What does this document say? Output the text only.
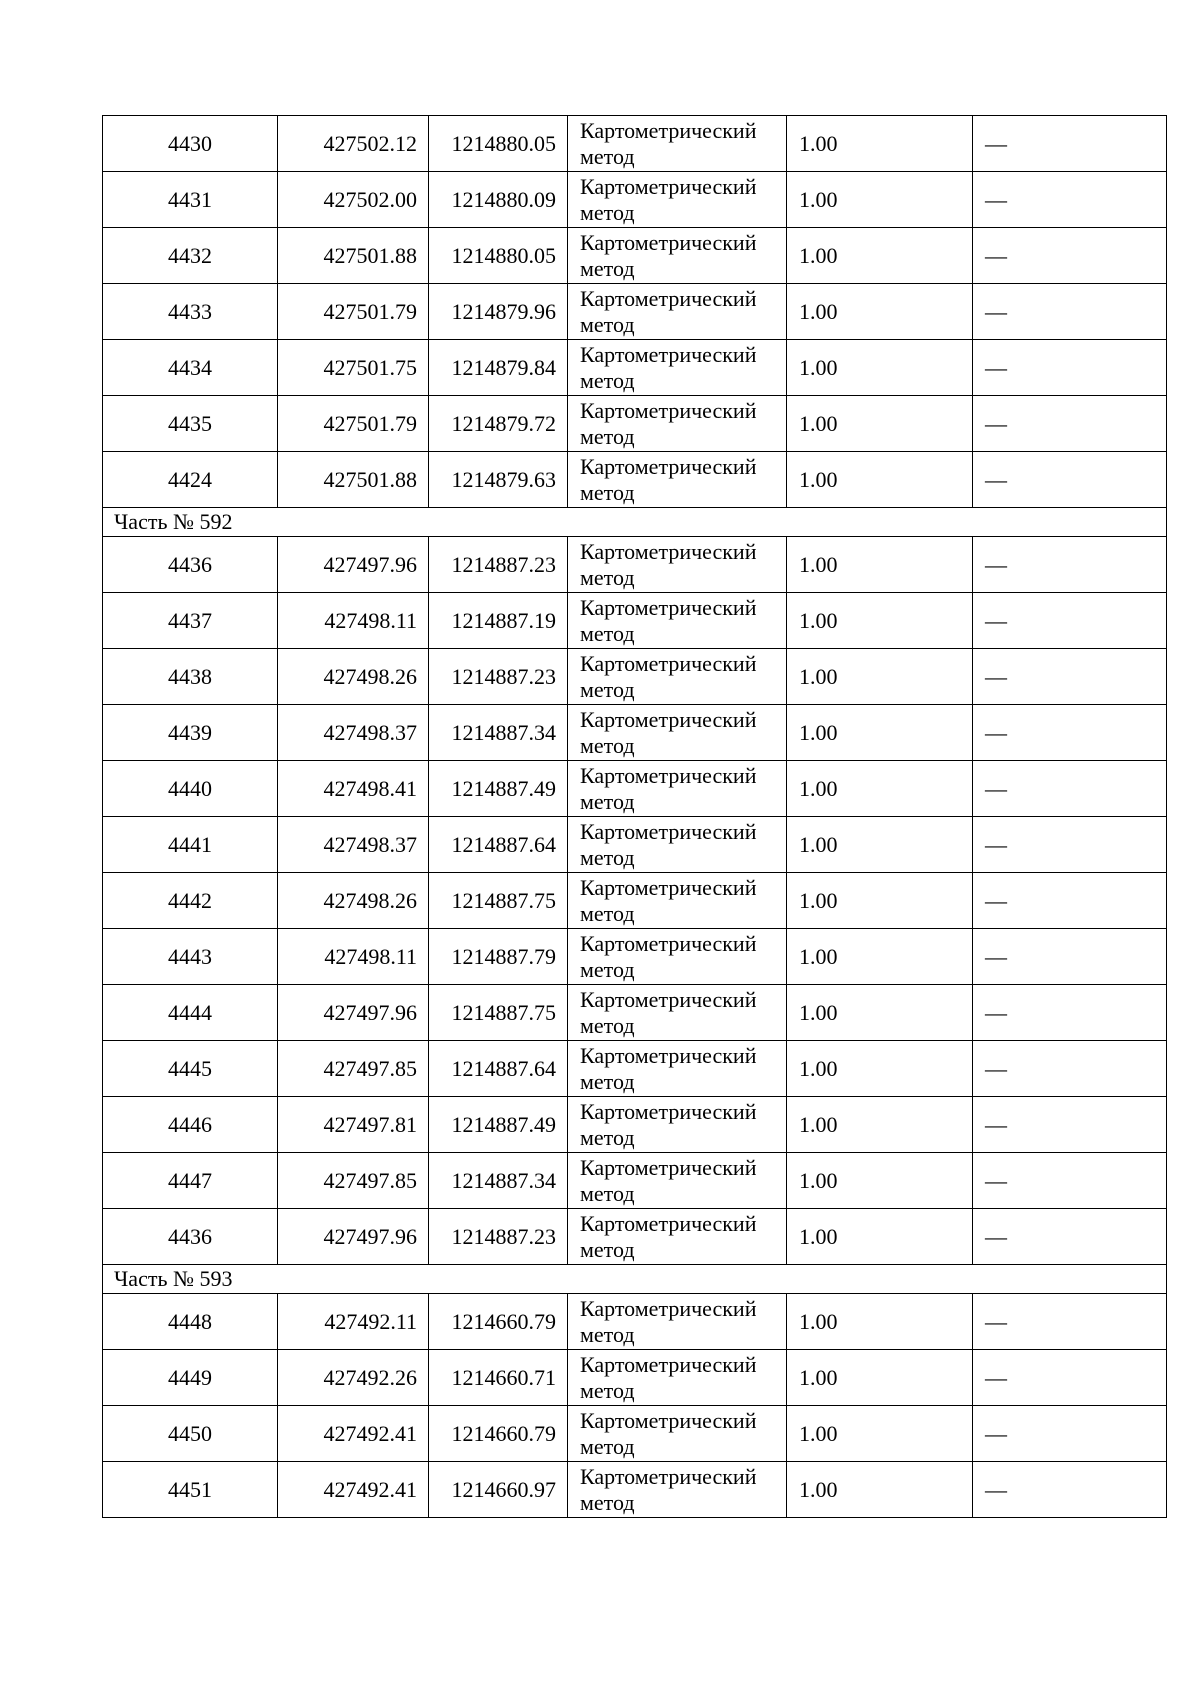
4430	427502.12	1214880.05	Картометрический метод	1.00	—
4431	427502.00	1214880.09	Картометрический метод	1.00	—
4432	427501.88	1214880.05	Картометрический метод	1.00	—
4433	427501.79	1214879.96	Картометрический метод	1.00	—
4434	427501.75	1214879.84	Картометрический метод	1.00	—
4435	427501.79	1214879.72	Картометрический метод	1.00	—
4424	427501.88	1214879.63	Картометрический метод	1.00	—
Часть № 592					
4436	427497.96	1214887.23	Картометрический метод	1.00	—
4437	427498.11	1214887.19	Картометрический метод	1.00	—
4438	427498.26	1214887.23	Картометрический метод	1.00	—
4439	427498.37	1214887.34	Картометрический метод	1.00	—
4440	427498.41	1214887.49	Картометрический метод	1.00	—
4441	427498.37	1214887.64	Картометрический метод	1.00	—
4442	427498.26	1214887.75	Картометрический метод	1.00	—
4443	427498.11	1214887.79	Картометрический метод	1.00	—
4444	427497.96	1214887.75	Картометрический метод	1.00	—
4445	427497.85	1214887.64	Картометрический метод	1.00	—
4446	427497.81	1214887.49	Картометрический метод	1.00	—
4447	427497.85	1214887.34	Картометрический метод	1.00	—
4436	427497.96	1214887.23	Картометрический метод	1.00	—
Часть № 593					
4448	427492.11	1214660.79	Картометрический метод	1.00	—
4449	427492.26	1214660.71	Картометрический метод	1.00	—
4450	427492.41	1214660.79	Картометрический метод	1.00	—
4451	427492.41	1214660.97	Картометрический метод	1.00	—
